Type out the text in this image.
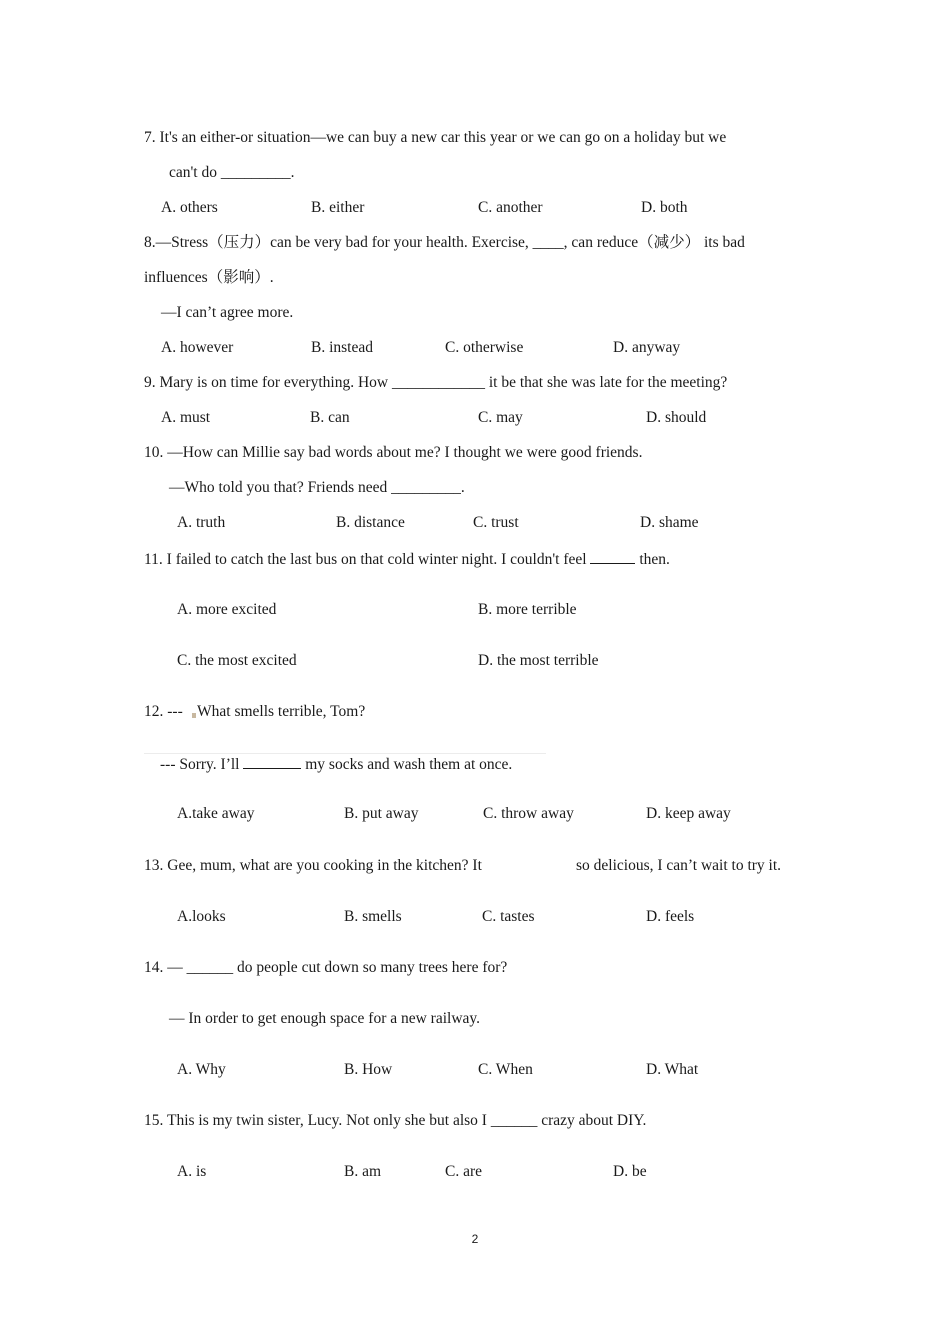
7. It's an either-or situation—we can buy a new car this year or we can go on a holiday but we
can't do _________.
A. others	B. either	C. another	D. both
8.—Stress（压力）can be very bad for your health. Exercise, ____, can reduce（减少） its bad
influences（影响）.
—I can’t agree more.
A. however	B. instead	C. otherwise	D. anyway
9. Mary is on time for everything. How ____________ it be that she was late for the meeting?
A. must	B. can	C. may	D. should
10. —How can Millie say bad words about me? I thought we were good friends.
—Who told you that? Friends need _________.
A. truth	B. distance	C. trust	D. shame
11. I failed to catch the last bus on that cold winter night. I couldn't feel	then.
A. more excited	B. more terrible
C. the most excited	D. the most terrible
12. --- What smells terrible, Tom?
--- Sorry. I’ll	my socks and wash them at once.
A.take away	B. put away	C. throw away	D. keep away
13. Gee, mum, what are you cooking in the kitchen? It	so delicious, I can’t wait to try it.
A.looks	B. smells	C. tastes	D. feels
14. — ______ do people cut down so many trees here for?
— In order to get enough space for a new railway.
A. Why	B. How	C. When	D. What
15. This is my twin sister, Lucy. Not only she but also I ______ crazy about DIY.
A. is	B. am	C. are	D. be
2
